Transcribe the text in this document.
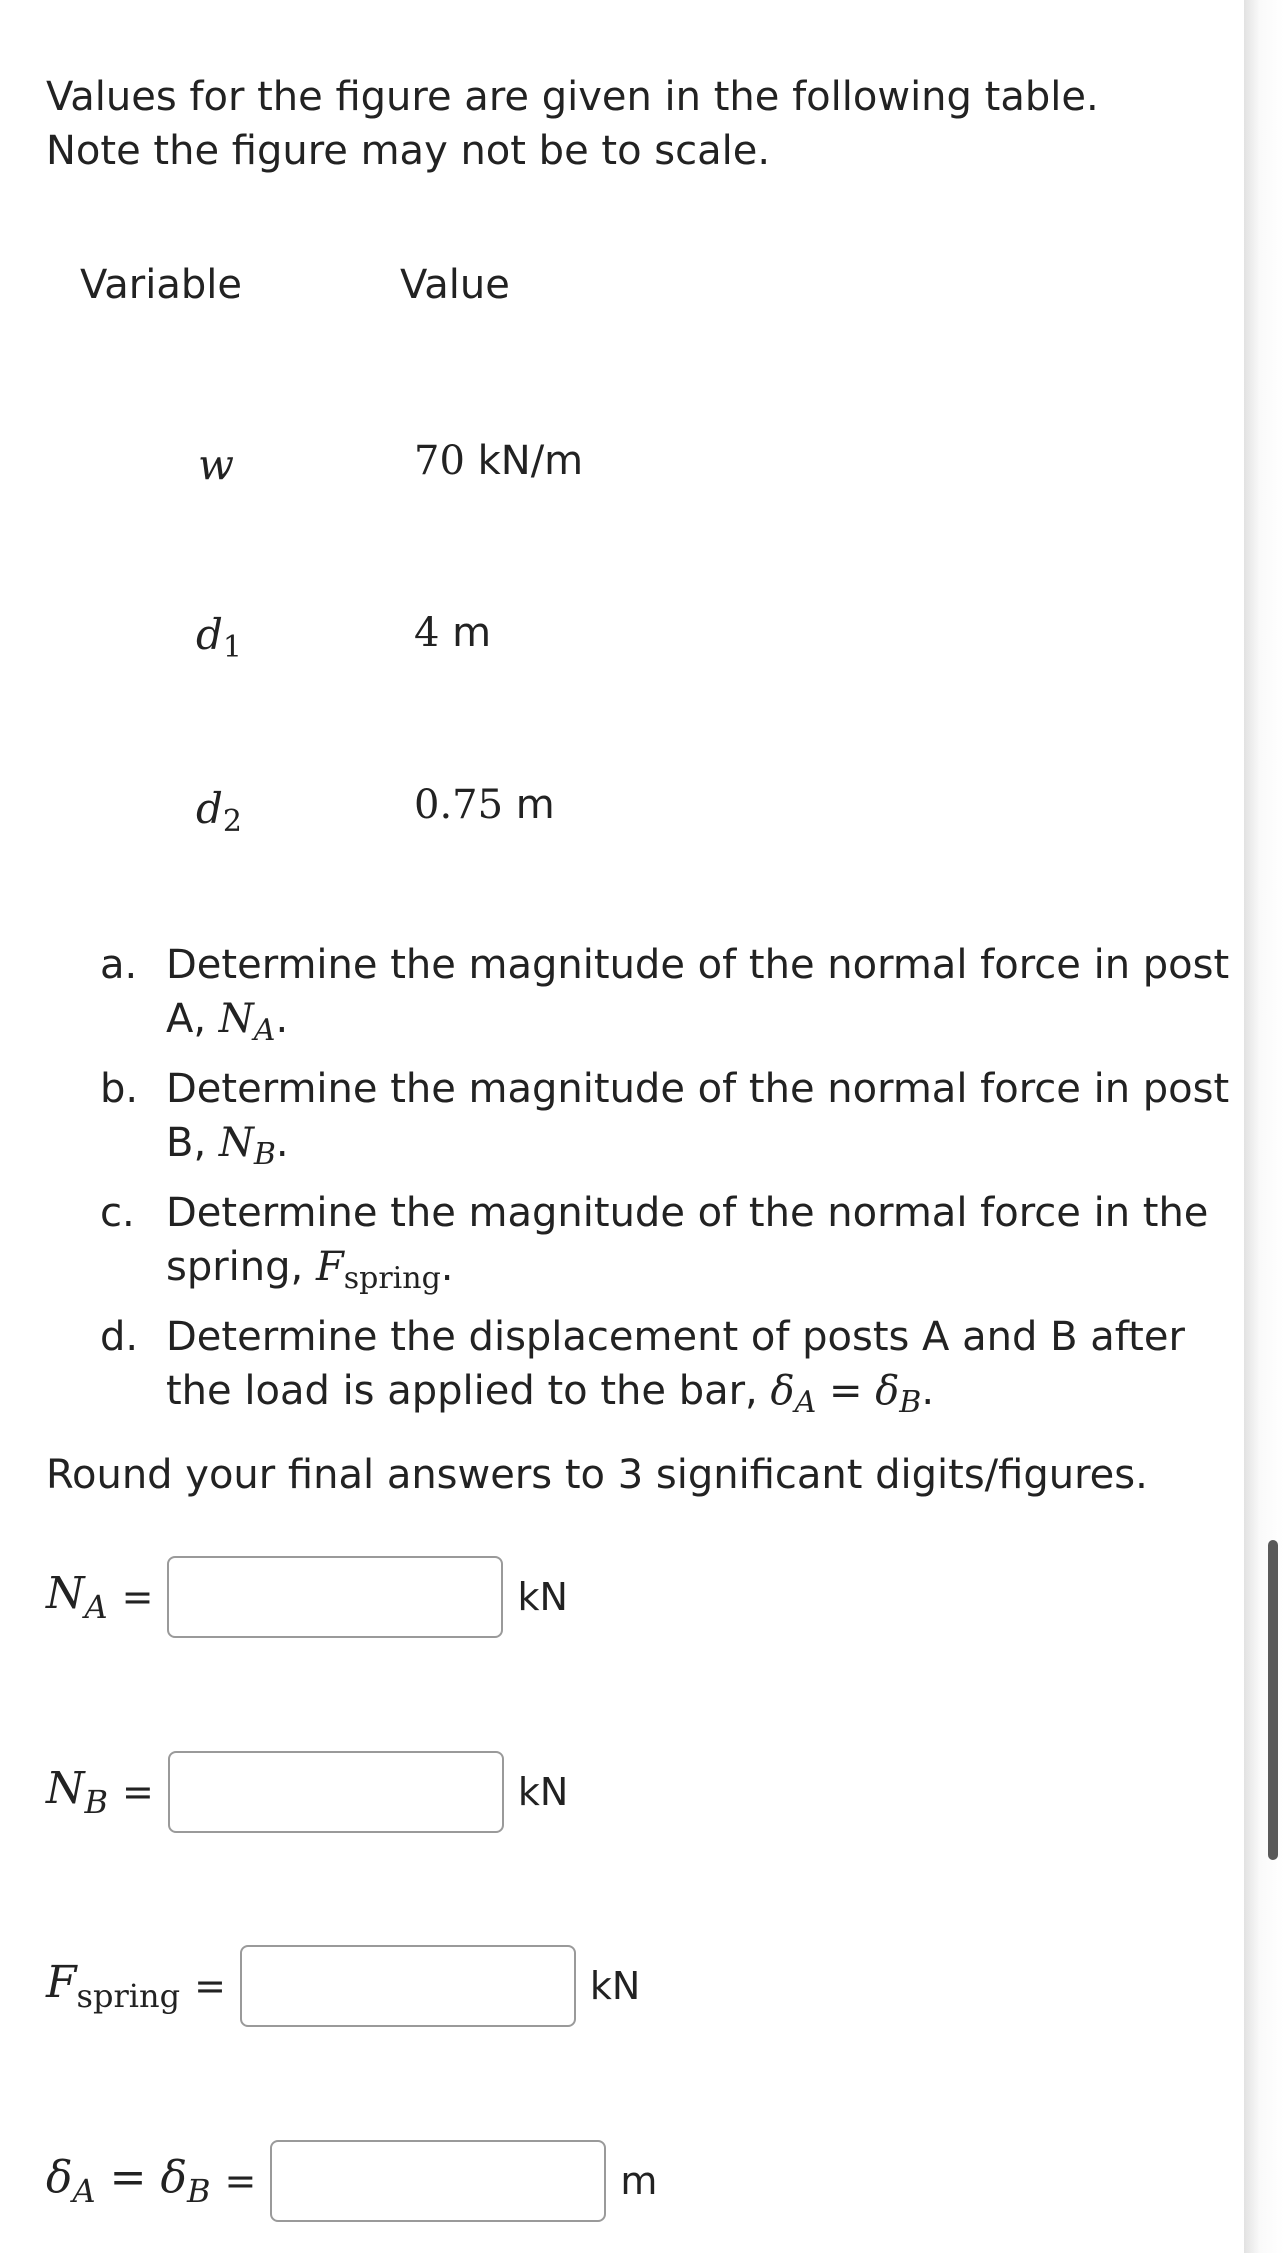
Values for the figure are given in the following table. Note the figure may not be to scale.
Variable	Value
w	70 kN/m
$d_1$	4 m
$d_2$	0.75 m
a. Determine the magnitude of the normal force in post A, $N_A$.
b. Determine the magnitude of the normal force in post B, $N_B$.
c. Determine the magnitude of the normal force in the spring, $F_{spring}$.
d. Determine the displacement of posts A and B after the load is applied to the bar, $\delta_A = \delta_B$.
Round your final answers to 3 significant digits/figures.
$N_A$ =	kN
$N_B$ =	kN
$F_{spring}$ =	kN
$\delta_A = \delta_B$ =	m
